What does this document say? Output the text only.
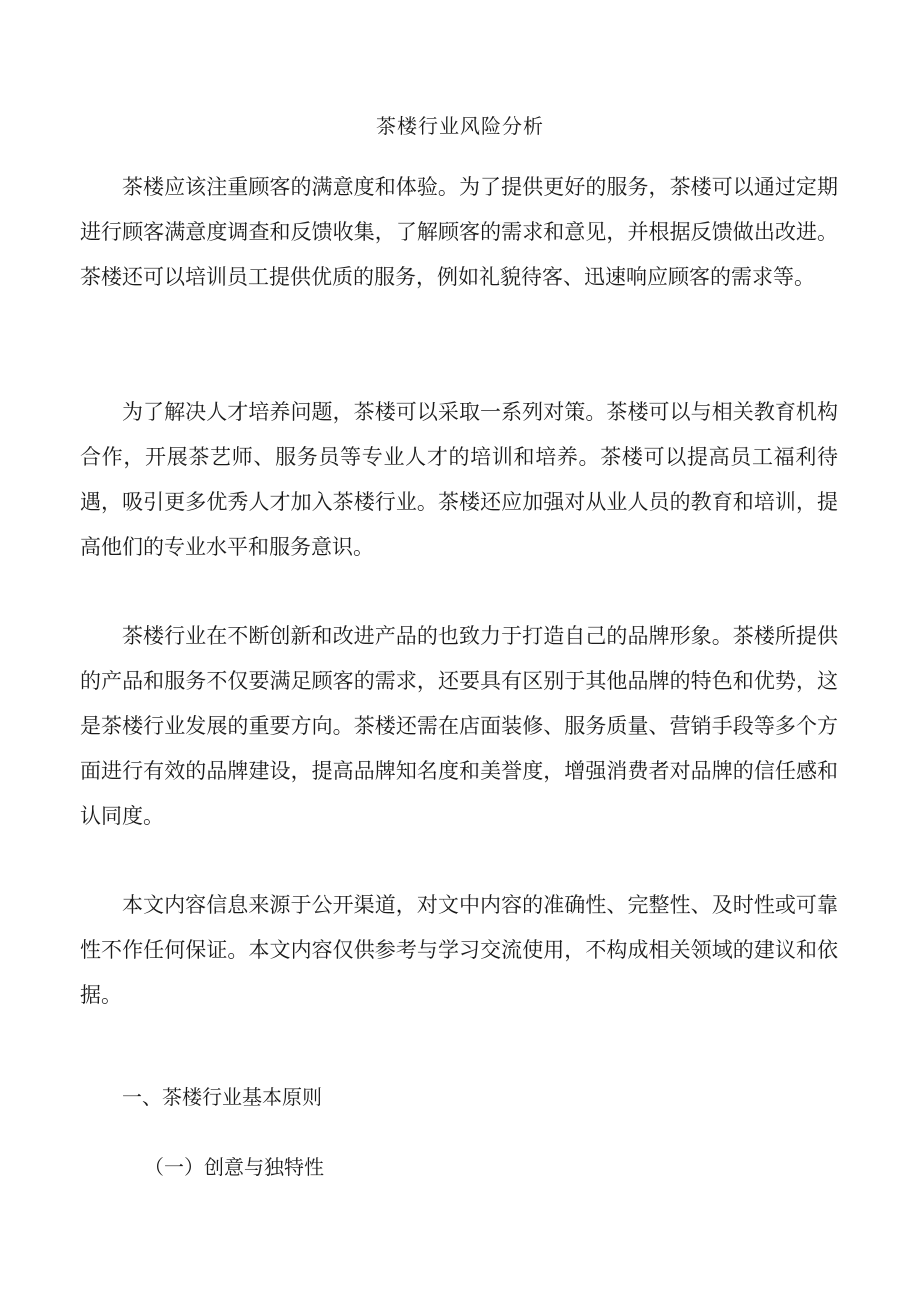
茶楼行业风险分析
茶楼应该注重顾客的满意度和体验。为了提供更好的服务，茶楼可以通过定期进行顾客满意度调查和反馈收集，了解顾客的需求和意见，并根据反馈做出改进。茶楼还可以培训员工提供优质的服务，例如礼貌待客、迅速响应顾客的需求等。
为了解决人才培养问题，茶楼可以采取一系列对策。茶楼可以与相关教育机构合作，开展茶艺师、服务员等专业人才的培训和培养。茶楼可以提高员工福利待遇，吸引更多优秀人才加入茶楼行业。茶楼还应加强对从业人员的教育和培训，提高他们的专业水平和服务意识。
茶楼行业在不断创新和改进产品的也致力于打造自己的品牌形象。茶楼所提供的产品和服务不仅要满足顾客的需求，还要具有区别于其他品牌的特色和优势，这是茶楼行业发展的重要方向。茶楼还需在店面装修、服务质量、营销手段等多个方面进行有效的品牌建设，提高品牌知名度和美誉度，增强消费者对品牌的信任感和认同度。
本文内容信息来源于公开渠道，对文中内容的准确性、完整性、及时性或可靠性不作任何保证。本文内容仅供参考与学习交流使用，不构成相关领域的建议和依据。
一、茶楼行业基本原则
（一）创意与独特性
